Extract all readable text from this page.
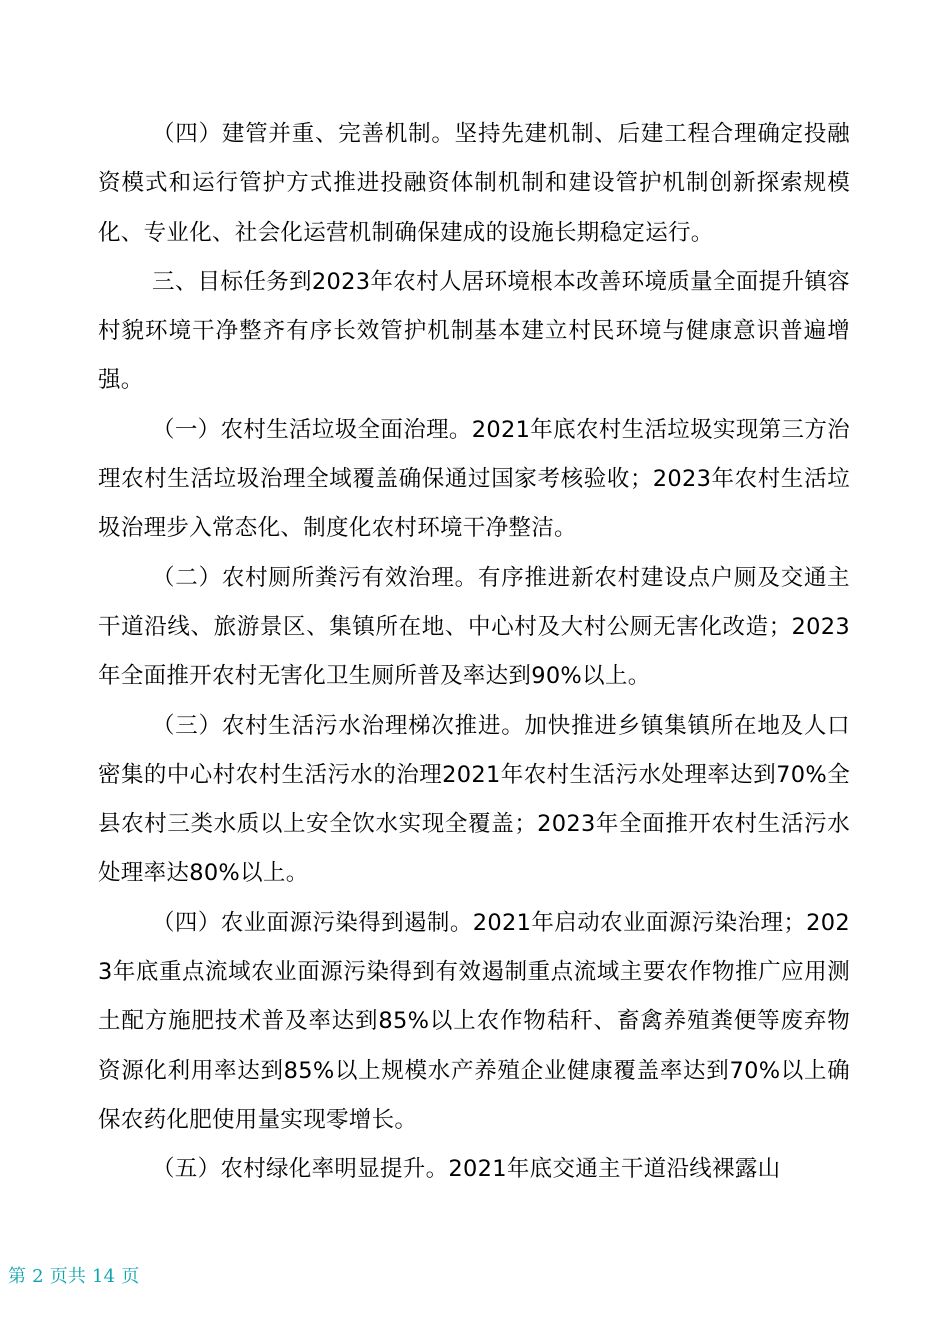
（四）建管并重、完善机制。坚持先建机制、后建工程合理确定投融资模式和运行管护方式推进投融资体制机制和建设管护机制创新探索规模化、专业化、社会化运营机制确保建成的设施长期稳定运行。

三、目标任务到2023年农村人居环境根本改善环境质量全面提升镇容村貌环境干净整齐有序长效管护机制基本建立村民环境与健康意识普遍增强。

（一）农村生活垃圾全面治理。2021年底农村生活垃圾实现第三方治理农村生活垃圾治理全域覆盖确保通过国家考核验收；2023年农村生活垃圾治理步入常态化、制度化农村环境干净整洁。

（二）农村厕所粪污有效治理。有序推进新农村建设点户厕及交通主干道沿线、旅游景区、集镇所在地、中心村及大村公厕无害化改造；2023年全面推开农村无害化卫生厕所普及率达到90%以上。

（三）农村生活污水治理梯次推进。加快推进乡镇集镇所在地及人口密集的中心村农村生活污水的治理2021年农村生活污水处理率达到70%全县农村三类水质以上安全饮水实现全覆盖；2023年全面推开农村生活污水处理率达80%以上。

（四）农业面源污染得到遏制。2021年启动农业面源污染治理；2023年底重点流域农业面源污染得到有效遏制重点流域主要农作物推广应用测土配方施肥技术普及率达到85%以上农作物秸秆、畜禽养殖粪便等废弃物资源化利用率达到85%以上规模水产养殖企业健康覆盖率达到70%以上确保农药化肥使用量实现零增长。

（五）农村绿化率明显提升。2021年底交通主干道沿线裸露山

第 2 页共 14 页
